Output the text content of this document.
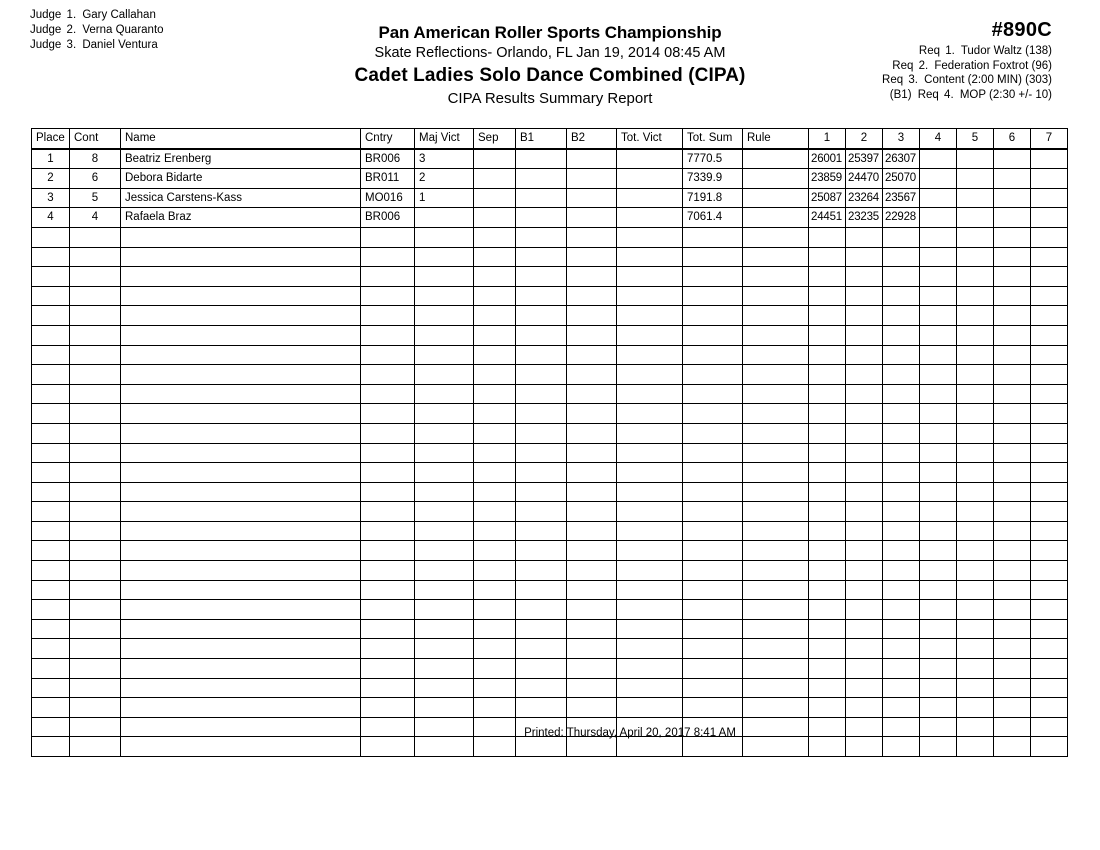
Judge 1. Gary Callahan
Judge 2. Verna Quaranto
Judge 3. Daniel Ventura
Pan American Roller Sports Championship
Skate Reflections- Orlando, FL Jan 19, 2014 08:45 AM
Cadet Ladies Solo Dance Combined (CIPA)
CIPA Results Summary Report
#890C
Req 1. Tudor Waltz (138)
Req 2. Federation Foxtrot (96)
Req 3. Content (2:00 MIN) (303)
(B1) Req 4. MOP (2:30 +/- 10)
Place	Cont	Name	Cntry	Maj Vict	Sep	B1	B2	Tot. Vict	Tot. Sum	Rule	1	2	3	4	5	6	7
1	8	Beatriz Erenberg	BR006	3					7770.5		26001	25397	26307				
2	6	Debora Bidarte	BR011	2					7339.9		23859	24470	25070				
3	5	Jessica Carstens-Kass	MO016	1					7191.8		25087	23264	23567				
4	4	Rafaela Braz	BR006						7061.4		24451	23235	22928				

Printed: Thursday, April 20, 2017 8:41 AM
